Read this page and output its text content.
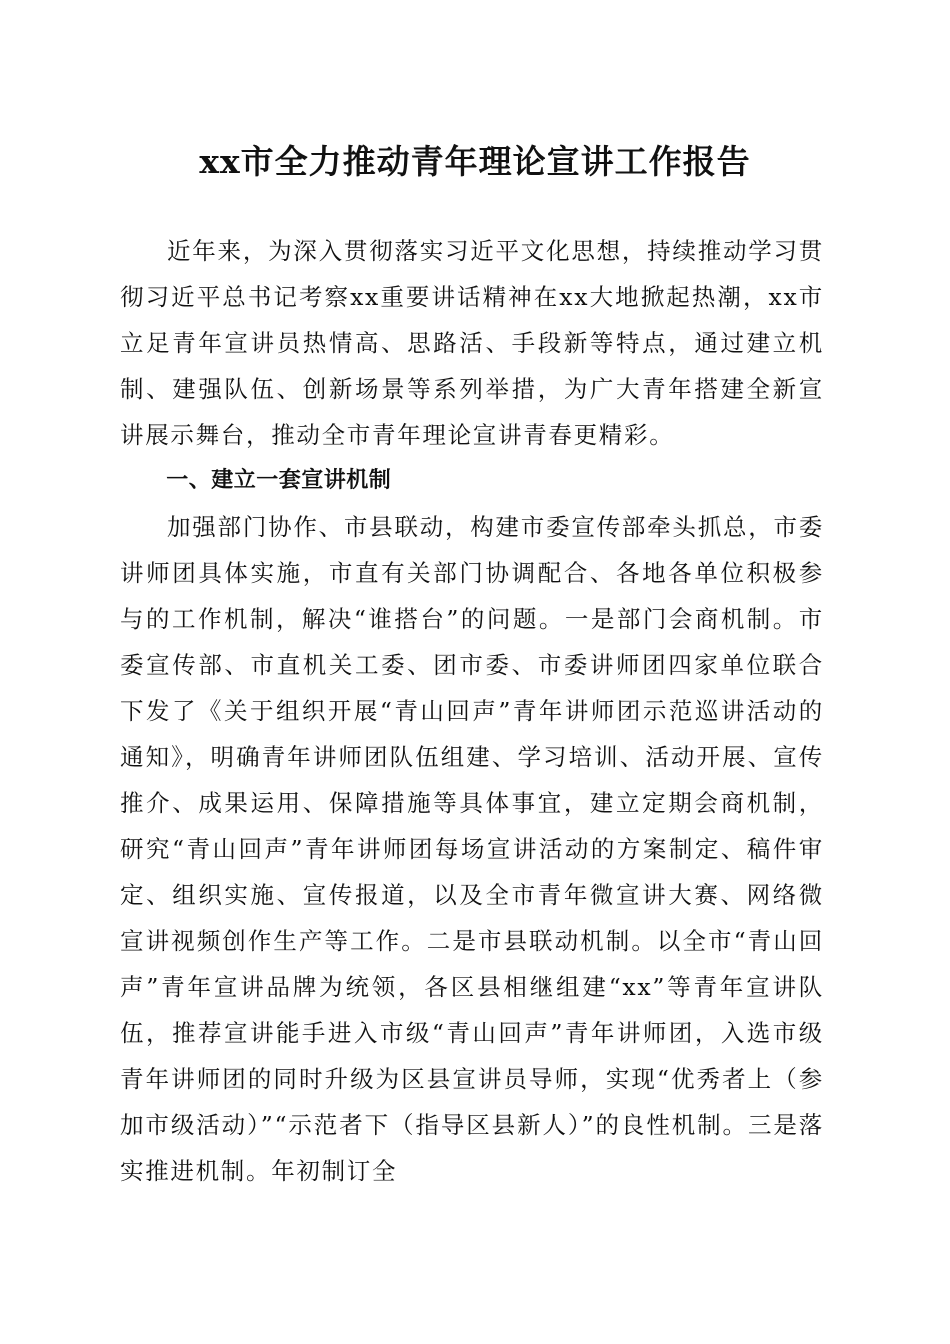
xx市全力推动青年理论宣讲工作报告

近年来，为深入贯彻落实习近平文化思想，持续推动学习贯彻习近平总书记考察xx重要讲话精神在xx大地掀起热潮，xx市立足青年宣讲员热情高、思路活、手段新等特点，通过建立机制、建强队伍、创新场景等系列举措，为广大青年搭建全新宣讲展示舞台，推动全市青年理论宣讲青春更精彩。

一、建立一套宣讲机制

加强部门协作、市县联动，构建市委宣传部牵头抓总，市委讲师团具体实施，市直有关部门协调配合、各地各单位积极参与的工作机制，解决“谁搭台”的问题。一是部门会商机制。市委宣传部、市直机关工委、团市委、市委讲师团四家单位联合下发了《关于组织开展“青山回声”青年讲师团示范巡讲活动的通知》，明确青年讲师团队伍组建、学习培训、活动开展、宣传推介、成果运用、保障措施等具体事宜，建立定期会商机制，研究“青山回声”青年讲师团每场宣讲活动的方案制定、稿件审定、组织实施、宣传报道，以及全市青年微宣讲大赛、网络微宣讲视频创作生产等工作。二是市县联动机制。以全市“青山回声”青年宣讲品牌为统领，各区县相继组建“xx”等青年宣讲队伍，推荐宣讲能手进入市级“青山回声”青年讲师团，入选市级青年讲师团的同时升级为区县宣讲员导师，实现“优秀者上（参加市级活动）”“示范者下（指导区县新人）”的良性机制。三是落实推进机制。年初制订全
